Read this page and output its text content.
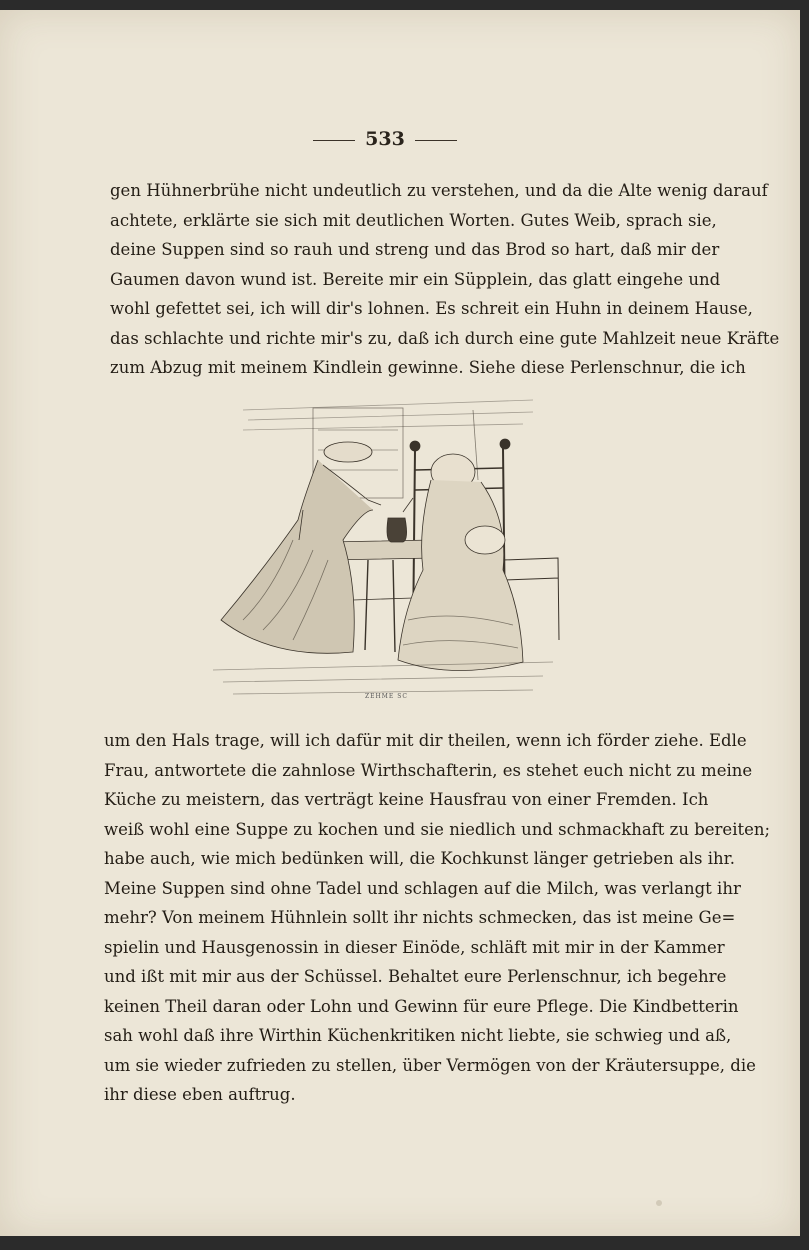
533
gen Hühnerbrühe nicht undeutlich zu verstehen, und da die Alte wenig darauf
achtete, erklärte sie sich mit deutlichen Worten. Gutes Weib, sprach sie,
deine Suppen sind so rauh und streng und das Brod so hart, daß mir der
Gaumen davon wund ist. Bereite mir ein Süpplein, das glatt eingehe und
wohl gefettet sei, ich will dir's lohnen. Es schreit ein Huhn in deinem Hause,
das schlachte und richte mir's zu, daß ich durch eine gute Mahlzeit neue Kräfte
zum Abzug mit meinem Kindlein gewinne. Siehe diese Perlenschnur, die ich
ZEHME SC
um den Hals trage, will ich dafür mit dir theilen, wenn ich förder ziehe. Edle
Frau, antwortete die zahnlose Wirthschafterin, es stehet euch nicht zu meine
Küche zu meistern, das verträgt keine Hausfrau von einer Fremden. Ich
weiß wohl eine Suppe zu kochen und sie niedlich und schmackhaft zu bereiten;
habe auch, wie mich bedünken will, die Kochkunst länger getrieben als ihr.
Meine Suppen sind ohne Tadel und schlagen auf die Milch, was verlangt ihr
mehr? Von meinem Hühnlein sollt ihr nichts schmecken, das ist meine Ge=
spielin und Hausgenossin in dieser Einöde, schläft mit mir in der Kammer
und ißt mit mir aus der Schüssel. Behaltet eure Perlenschnur, ich begehre
keinen Theil daran oder Lohn und Gewinn für eure Pflege. Die Kindbetterin
sah wohl daß ihre Wirthin Küchenkritiken nicht liebte, sie schwieg und aß,
um sie wieder zufrieden zu stellen, über Vermögen von der Kräutersuppe, die
ihr diese eben auftrug.
